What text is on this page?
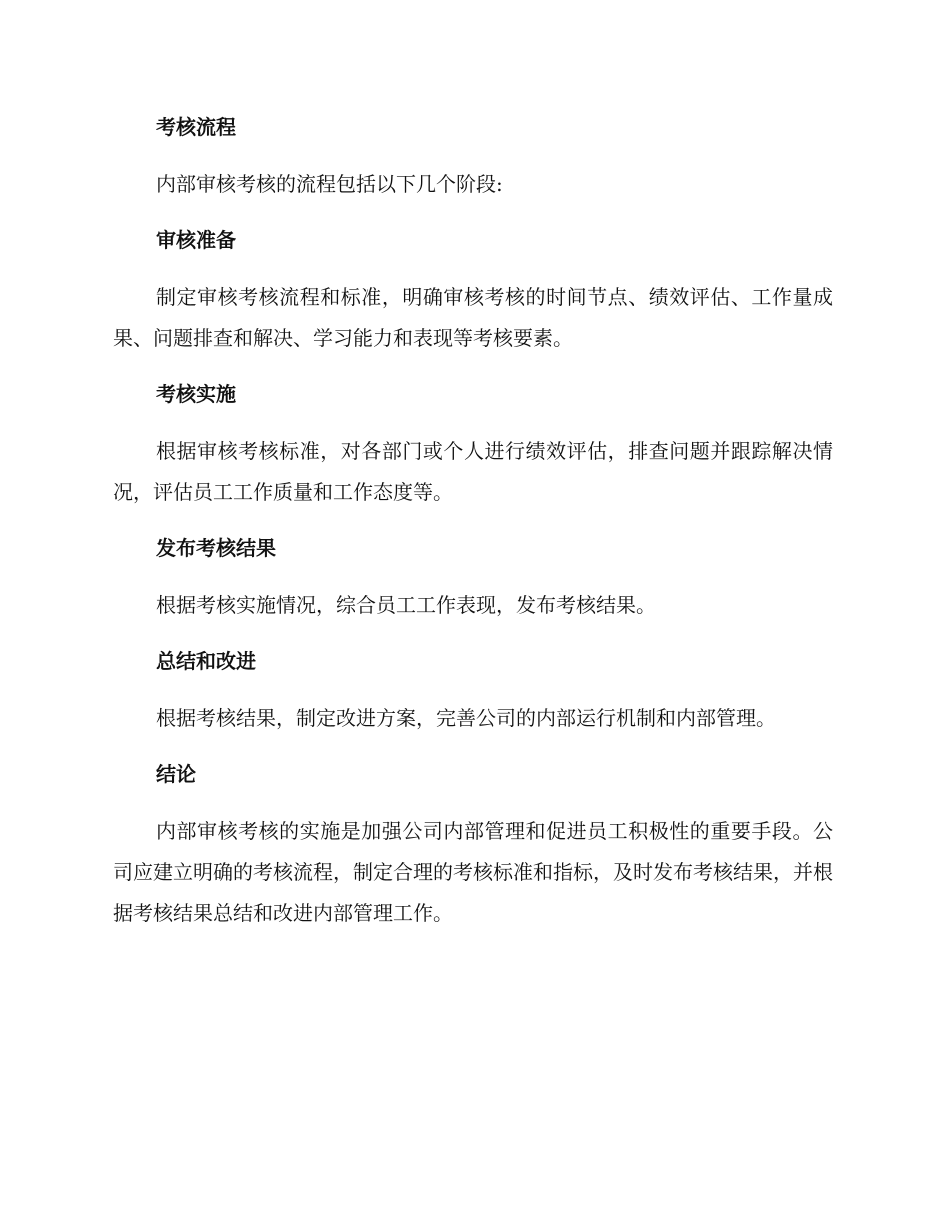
考核流程

内部审核考核的流程包括以下几个阶段:

审核准备

制定审核考核流程和标准，明确审核考核的时间节点、绩效评估、工作量成果、问题排查和解决、学习能力和表现等考核要素。

考核实施

根据审核考核标准，对各部门或个人进行绩效评估，排查问题并跟踪解决情况，评估员工工作质量和工作态度等。

发布考核结果

根据考核实施情况，综合员工工作表现，发布考核结果。

总结和改进

根据考核结果，制定改进方案，完善公司的内部运行机制和内部管理。

结论

内部审核考核的实施是加强公司内部管理和促进员工积极性的重要手段。公司应建立明确的考核流程，制定合理的考核标准和指标，及时发布考核结果，并根据考核结果总结和改进内部管理工作。
